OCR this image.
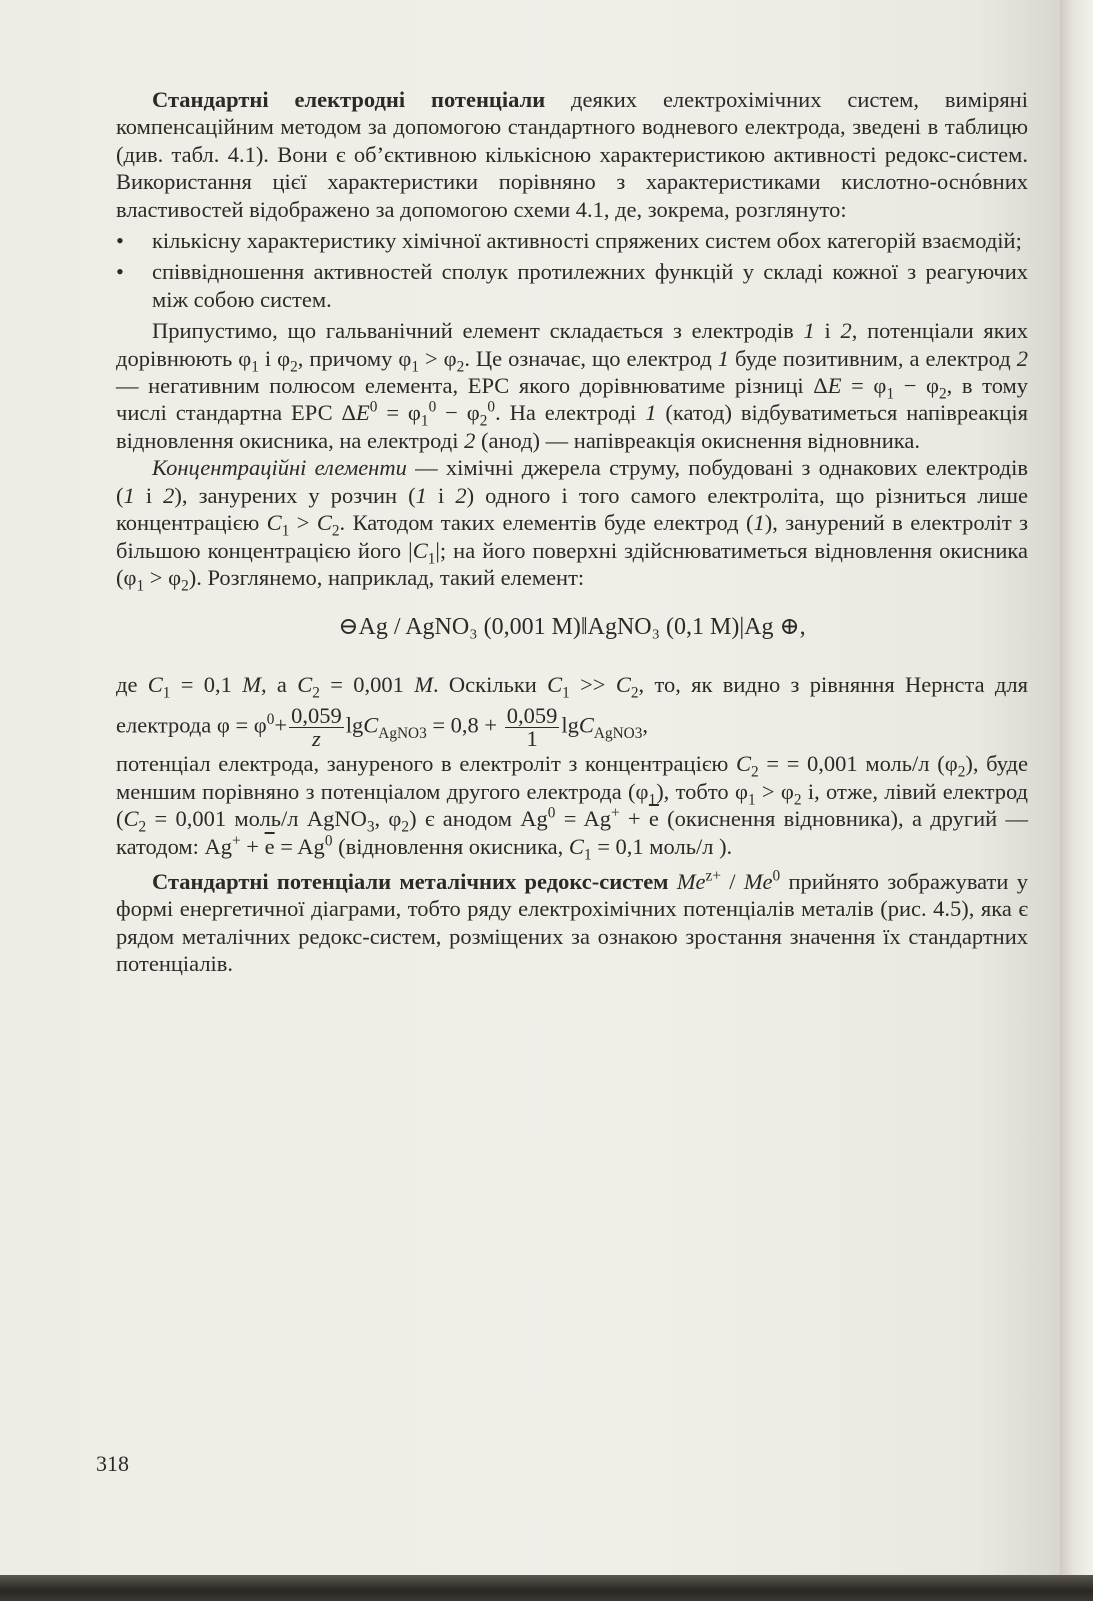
Стандартні електродні потенціали деяких електрохімічних систем, виміряні компенсаційним методом за допомогою стандартного водневого електрода, зведені в таблицю (див. табл. 4.1). Вони є об’єктивною кількісною характеристикою активності редокс-систем. Використання цієї характеристики порівняно з характеристиками кислотно-оснóвних властивостей відображено за допомогою схеми 4.1, де, зокрема, розглянуто:

• кількісну характеристику хімічної активності спряжених систем обох категорій взаємодій;
• співвідношення активностей сполук протилежних функцій у складі кожної з реагуючих між собою систем.

Припустимо, що гальванічний елемент складається з електродів 1 і 2, потенціали яких дорівнюють $\varphi_1$ і $\varphi_2$, причому $\varphi_1 > \varphi_2$. Це означає, що електрод 1 буде позитивним, а електрод 2 — негативним полюсом елемента, ЕРС якого дорівнюватиме різниці $\Delta E = \varphi_1 - \varphi_2$, в тому числі стандартна ЕРС $\Delta E^0 = \varphi_1^0 - \varphi_2^0$. На електроді 1 (катод) відбуватиметься напівреакція відновлення окисника, на електроді 2 (анод) — напівреакція окиснення відновника.

Концентраційні елементи — хімічні джерела струму, побудовані з однакових електродів (1 і 2), занурених у розчин (1 і 2) одного і того самого електроліта, що різниться лише концентрацією $C_1 > C_2$. Катодом таких елементів буде електрод (1), занурений в електроліт з більшою концентрацією його $|C_1|$; на його поверхні здійснюватиметься відновлення окисника $(\varphi_1 > \varphi_2)$. Розглянемо, наприклад, такий елемент:

⊖Ag / AgNO₃ (0,001 M)‖AgNO₃ (0,1 M)|Ag ⊕,

де $C_1 = 0,1$ M, а $C_2 = 0,001$ M. Оскільки $C_1 >> C_2$, то, як видно з рівняння Нернста для електрода $\varphi = \varphi^0+ \frac{0,059}{z} \lg C_{AgNO3} = 0,8 + \frac{0,059}{1} \lg C_{AgNO3}$,

потенціал електрода, зануреного в електроліт з концентрацією $C_2$ = = 0,001 моль/л $(\varphi_2)$, буде меншим порівняно з потенціалом другого електрода $(\varphi_1)$, тобто $\varphi_1 > \varphi_2$ і, отже, лівий електрод ($C_2 = 0,001$ моль/л AgNO$_3$, $\varphi_2$) є анодом $Ag^0 = Ag^+ + \overline{e}$ (окиснення відновника), а другий — катодом: $Ag^+ + \overline{e} = Ag^0$ (відновлення окисника, $C_1 = 0,1$ моль/л ).

Стандартні потенціали металічних редокс-систем $Me^{z+} / Me^0$ прийнято зображувати у формі енергетичної діаграми, тобто ряду електрохімічних потенціалів металів (рис. 4.5), яка є рядом металічних редокс-систем, розміщених за ознакою зростання значення їх стандартних потенціалів.

318
